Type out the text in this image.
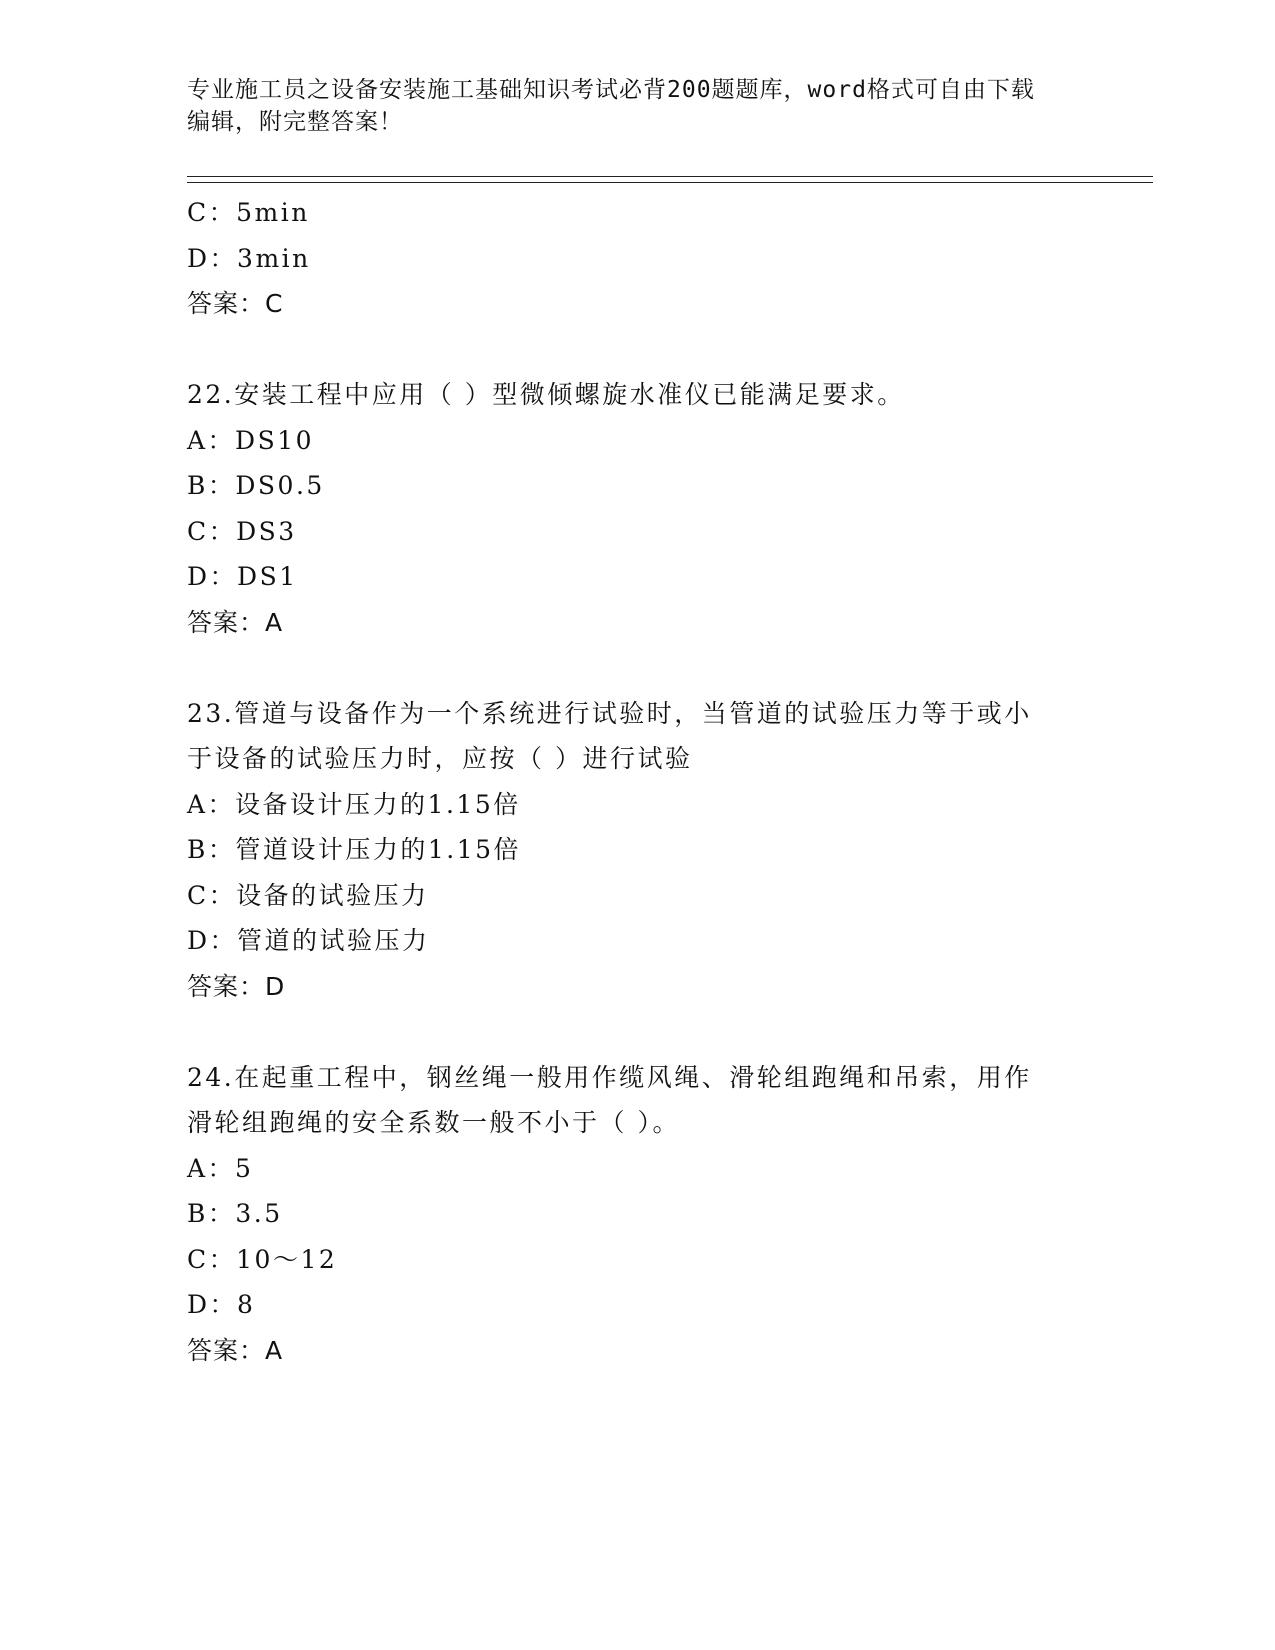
专业施工员之设备安装施工基础知识考试必背200题题库，word格式可自由下载
编辑，附完整答案！
C：5min
D：3min
答案：C
22.安装工程中应用（ ）型微倾螺旋水准仪已能满足要求。
A：DS10
B：DS0.5
C：DS3
D：DS1
答案：A
23.管道与设备作为一个系统进行试验时，当管道的试验压力等于或小
于设备的试验压力时，应按（ ）进行试验
A：设备设计压力的1.15倍
B：管道设计压力的1.15倍
C：设备的试验压力
D：管道的试验压力
答案：D
24.在起重工程中，钢丝绳一般用作缆风绳、滑轮组跑绳和吊索，用作
滑轮组跑绳的安全系数一般不小于（ ）。
A：5
B：3.5
C：10～12
D：8
答案：A
